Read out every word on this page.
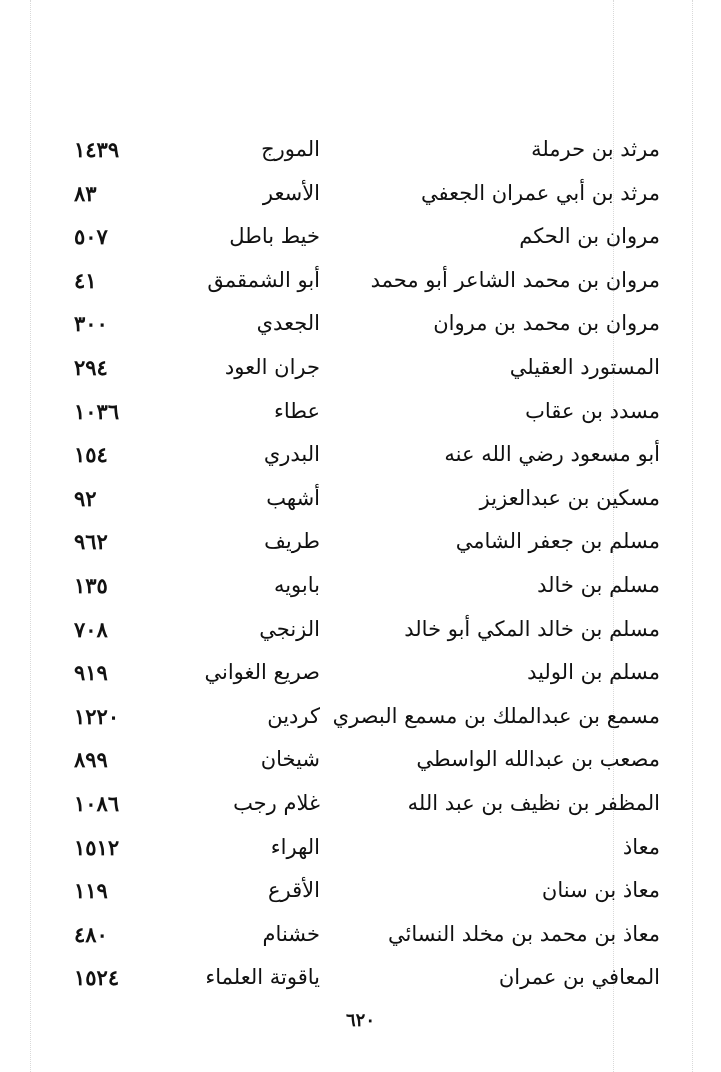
مرثد بن حرملة
المورج
١٤٣٩
مرثد بن أبي عمران الجعفي
الأسعر
٨٣
مروان بن الحكم
خيط باطل
٥٠٧
مروان بن محمد الشاعر أبو محمد
أبو الشمقمق
٤١
مروان بن محمد بن مروان
الجعدي
٣٠٠
المستورد العقيلي
جران العود
٢٩٤
مسدد بن عقاب
عطاء
١٠٣٦
أبو مسعود رضي الله عنه
البدري
١٥٤
مسكين بن عبدالعزيز
أشهب
٩٢
مسلم بن جعفر الشامي
طريف
٩٦٢
مسلم بن خالد
بابويه
١٣٥
مسلم بن خالد المكي أبو خالد
الزنجي
٧٠٨
مسلم بن الوليد
صريع الغواني
٩١٩
مسمع بن عبدالملك بن مسمع البصري
كردين
١٢٢٠
مصعب بن عبدالله الواسطي
شيخان
٨٩٩
المظفر بن نظيف بن عبد الله
غلام رجب
١٠٨٦
معاذ
الهراء
١٥١٢
معاذ بن سنان
الأقرع
١١٩
معاذ بن محمد بن مخلد النسائي
خشنام
٤٨٠
المعافي بن عمران
ياقوتة العلماء
١٥٢٤
٦٢٠
